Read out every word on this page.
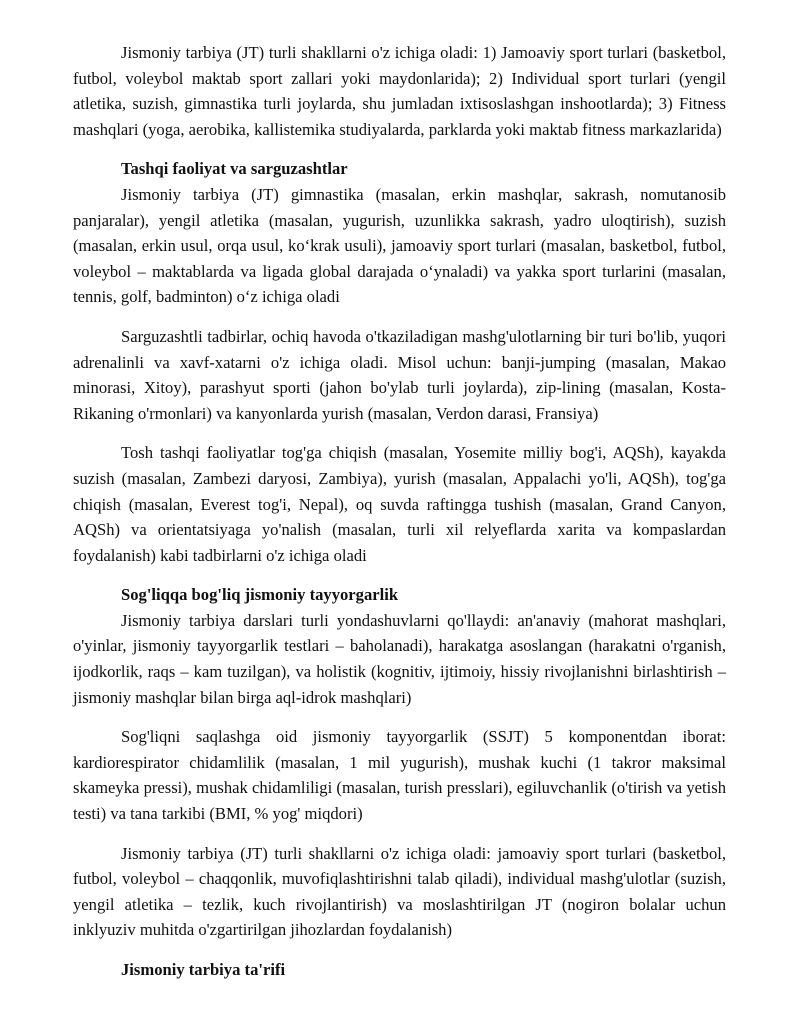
Jismoniy tarbiya (JT) turli shakllarni o'z ichiga oladi: 1) Jamoaviy sport turlari (basketbol, futbol, voleybol maktab sport zallari yoki maydonlarida); 2) Individual sport turlari (yengil atletika, suzish, gimnastika turli joylarda, shu jumladan ixtisoslashgan inshootlarda); 3) Fitness mashqlari (yoga, aerobika, kallistemika studiyalarda, parklarda yoki maktab fitness markazlarida)

Tashqi faoliyat va sarguzashtlar

Jismoniy tarbiya (JT) gimnastika (masalan, erkin mashqlar, sakrash, nomutanosib panjaralar), yengil atletika (masalan, yugurish, uzunlikka sakrash, yadro uloqtirish), suzish (masalan, erkin usul, orqa usul, ko‘krak usuli), jamoaviy sport turlari (masalan, basketbol, futbol, voleybol – maktablarda va ligada global darajada o‘ynaladi) va yakka sport turlarini (masalan, tennis, golf, badminton) o‘z ichiga oladi

Sarguzashtli tadbirlar, ochiq havoda o'tkaziladigan mashg'ulotlarning bir turi bo'lib, yuqori adrenalinli va xavf-xatarni o'z ichiga oladi. Misol uchun: banji-jumping (masalan, Makao minorasi, Xitoy), parashyut sporti (jahon bo'ylab turli joylarda), zip-lining (masalan, Kosta-Rikaning o'rmonlari) va kanyonlarda yurish (masalan, Verdon darasi, Fransiya)

Tosh tashqi faoliyatlar tog'ga chiqish (masalan, Yosemite milliy bog'i, AQSh), kayakda suzish (masalan, Zambezi daryosi, Zambiya), yurish (masalan, Appalachi yo'li, AQSh), tog'ga chiqish (masalan, Everest tog'i, Nepal), oq suvda raftingga tushish (masalan, Grand Canyon, AQSh) va orientatsiyaga yo'nalish (masalan, turli xil relyeflarda xarita va kompaslardan foydalanish) kabi tadbirlarni o'z ichiga oladi

Sog'liqqa bog'liq jismoniy tayyorgarlik

Jismoniy tarbiya darslari turli yondashuvlarni qo'llaydi: an'anaviy (mahorat mashqlari, o'yinlar, jismoniy tayyorgarlik testlari – baholanadi), harakatga asoslangan (harakatni o'rganish, ijodkorlik, raqs – kam tuzilgan), va holistik (kognitiv, ijtimoiy, hissiy rivojlanishni birlashtirish – jismoniy mashqlar bilan birga aql-idrok mashqlari)

Sog'liqni saqlashga oid jismoniy tayyorgarlik (SSJT) 5 komponentdan iborat: kardiorespirator chidamlilik (masalan, 1 mil yugurish), mushak kuchi (1 takror maksimal skameyka pressi), mushak chidamliligi (masalan, turish presslari), egiluvchanlik (o'tirish va yetish testi) va tana tarkibi (BMI, % yog' miqdori)

Jismoniy tarbiya (JT) turli shakllarni o'z ichiga oladi: jamoaviy sport turlari (basketbol, futbol, voleybol – chaqqonlik, muvofiqlashtirishni talab qiladi), individual mashg'ulotlar (suzish, yengil atletika – tezlik, kuch rivojlantirish) va moslashtirilgan JT (nogiron bolalar uchun inklyuziv muhitda o'zgartirilgan jihozlardan foydalanish)

Jismoniy tarbiya ta'rifi
